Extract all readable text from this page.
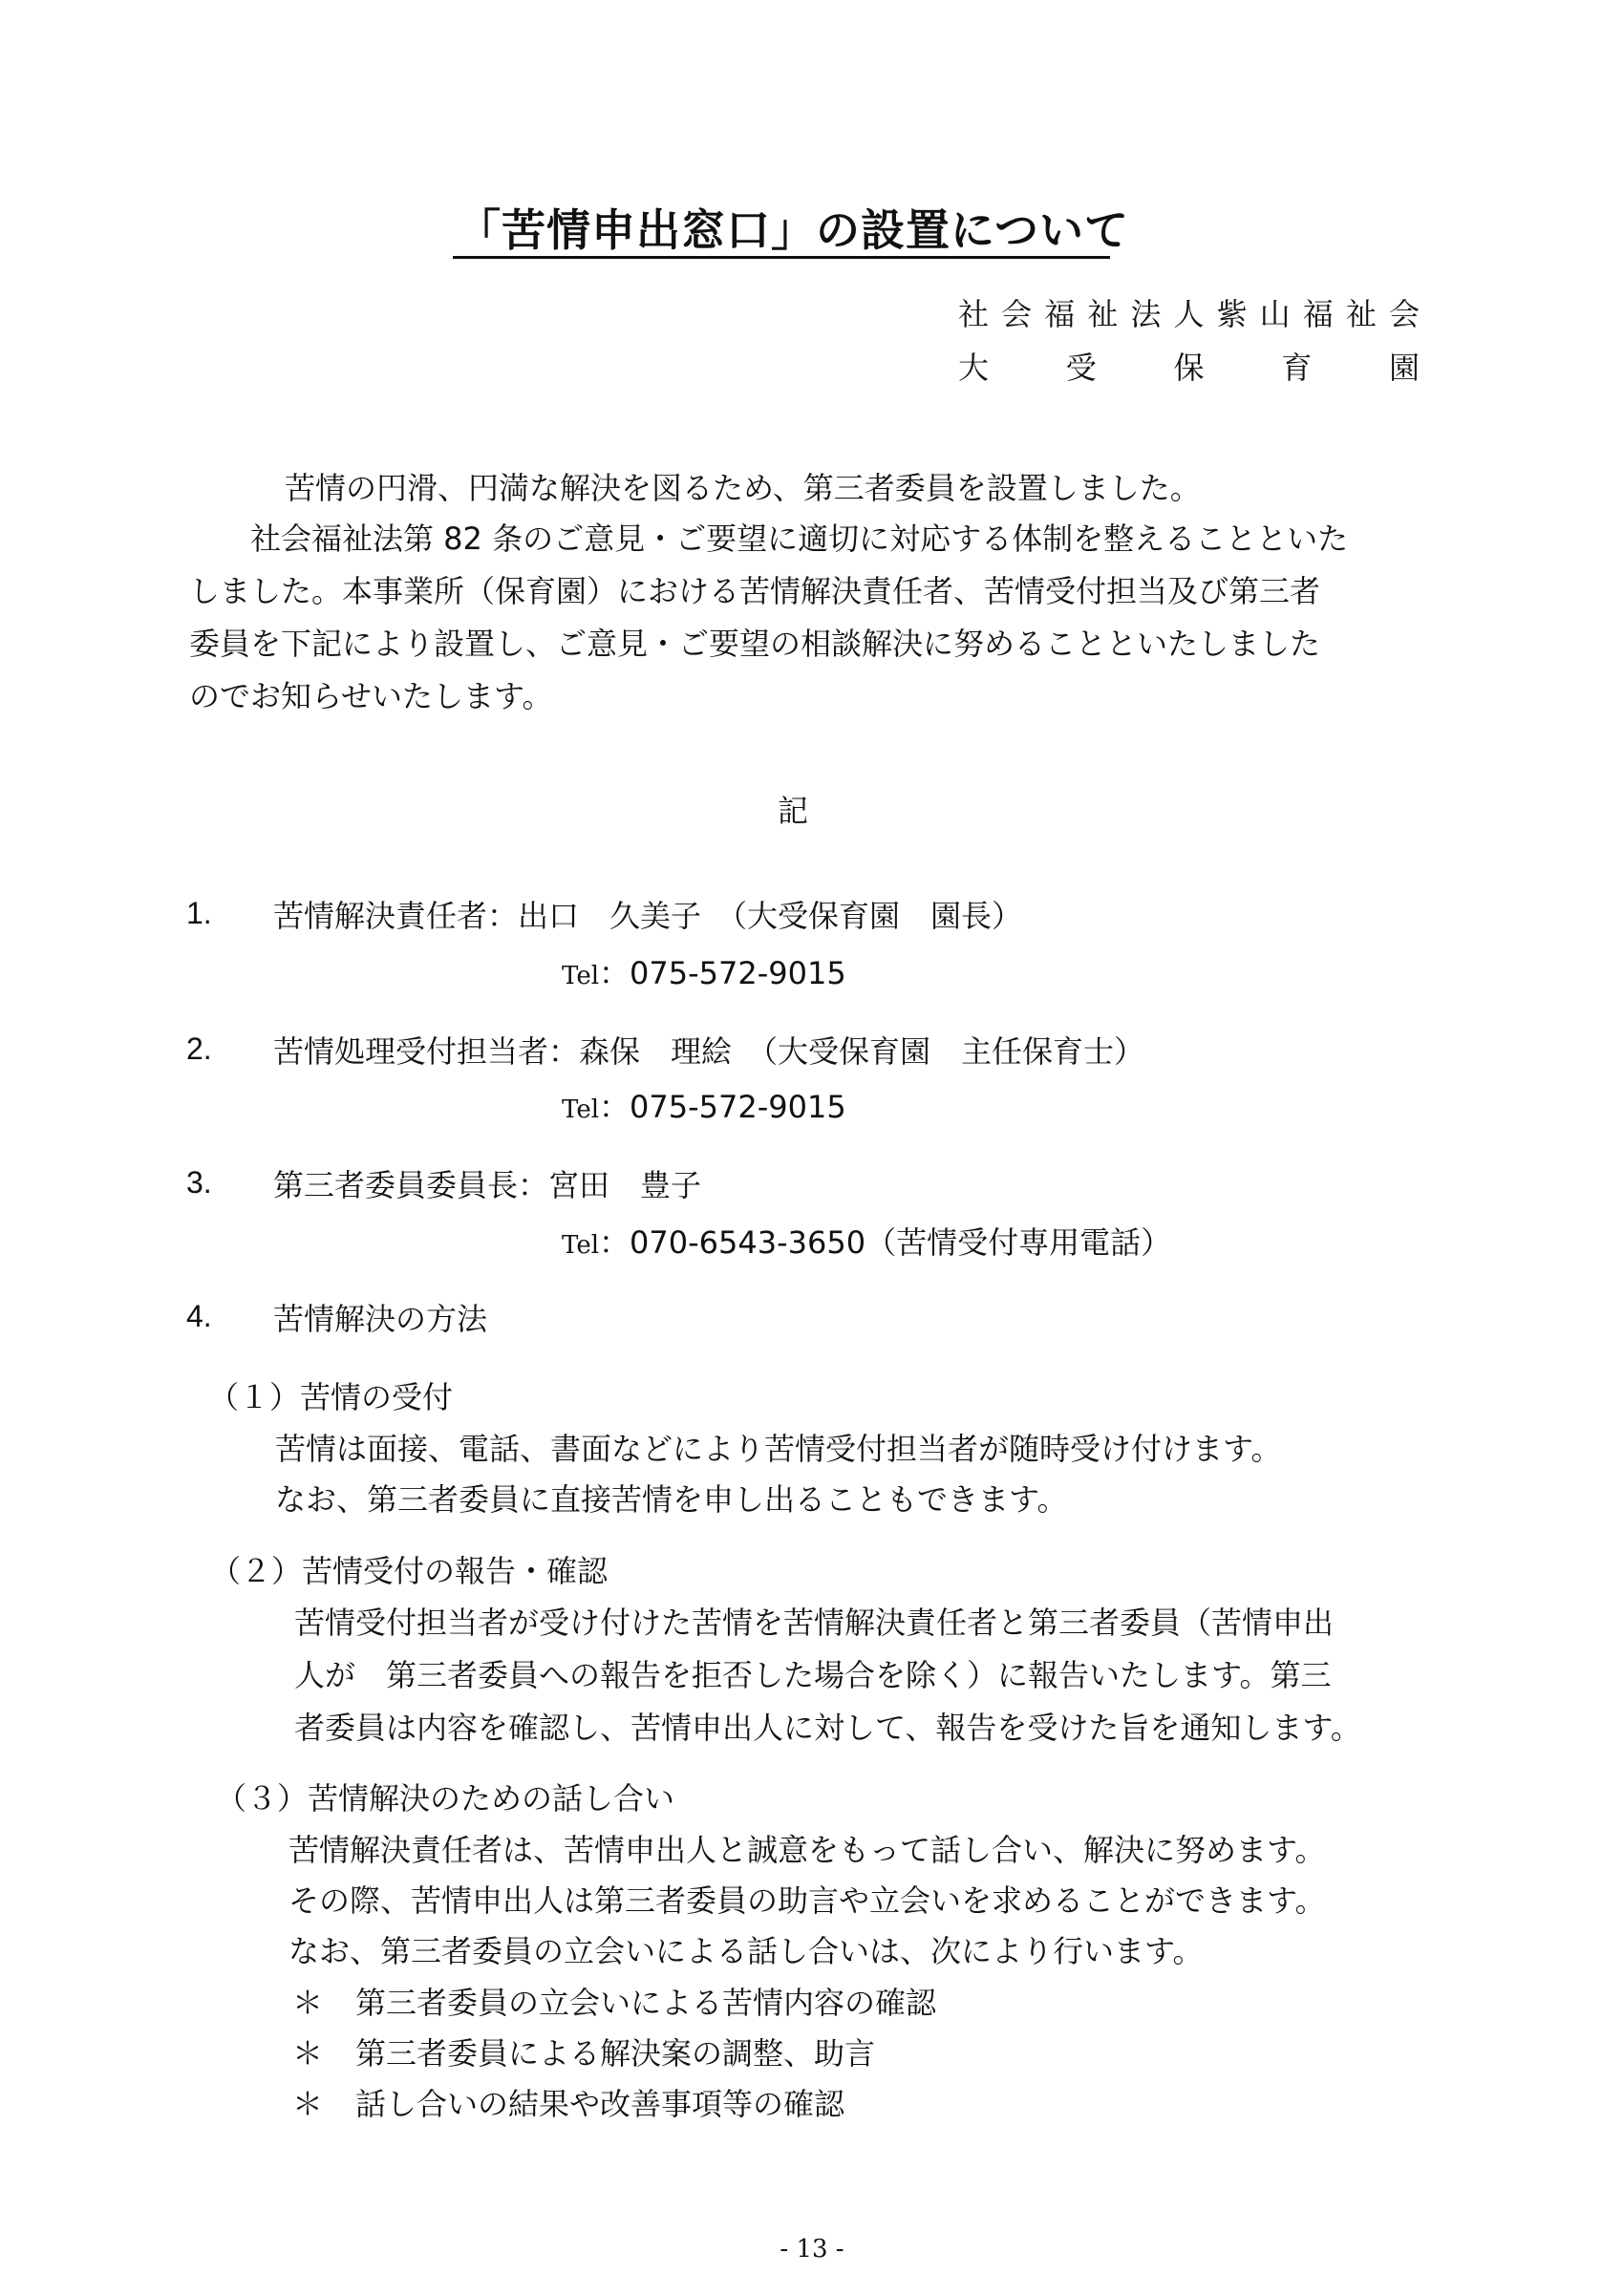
「苦情申出窓口」の設置について
社 会 福 祉 法 人 紫 山 福 祉 会
大	受	保	育	園
苦情の円滑、円満な解決を図るため、第三者委員を設置しました。
社会福祉法第 82 条のご意見・ご要望に適切に対応する体制を整えることといた
しました。本事業所（保育園）における苦情解決責任者、苦情受付担当及び第三者
委員を下記により設置し、ご意見・ご要望の相談解決に努めることといたしました
のでお知らせいたします。
記
1. 苦情解決責任者：出口　久美子　（大受保育園　園長）
Tel：075-572-9015
2. 苦情処理受付担当者：森保　理絵　（大受保育園　主任保育士）
Tel：075-572-9015
3. 第三者委員委員長：宮田　豊子
Tel：070-6543-3650（苦情受付専用電話）
4. 苦情解決の方法
（１）苦情の受付
苦情は面接、電話、書面などにより苦情受付担当者が随時受け付けます。
なお、第三者委員に直接苦情を申し出ることもできます。
（２）苦情受付の報告・確認
苦情受付担当者が受け付けた苦情を苦情解決責任者と第三者委員（苦情申出
人が　第三者委員への報告を拒否した場合を除く）に報告いたします。第三
者委員は内容を確認し、苦情申出人に対して、報告を受けた旨を通知します。
（３）苦情解決のための話し合い
苦情解決責任者は、苦情申出人と誠意をもって話し合い、解決に努めます。
その際、苦情申出人は第三者委員の助言や立会いを求めることができます。
なお、第三者委員の立会いによる話し合いは、次により行います。
＊ 第三者委員の立会いによる苦情内容の確認
＊ 第三者委員による解決案の調整、助言
＊ 話し合いの結果や改善事項等の確認
- 13 -
